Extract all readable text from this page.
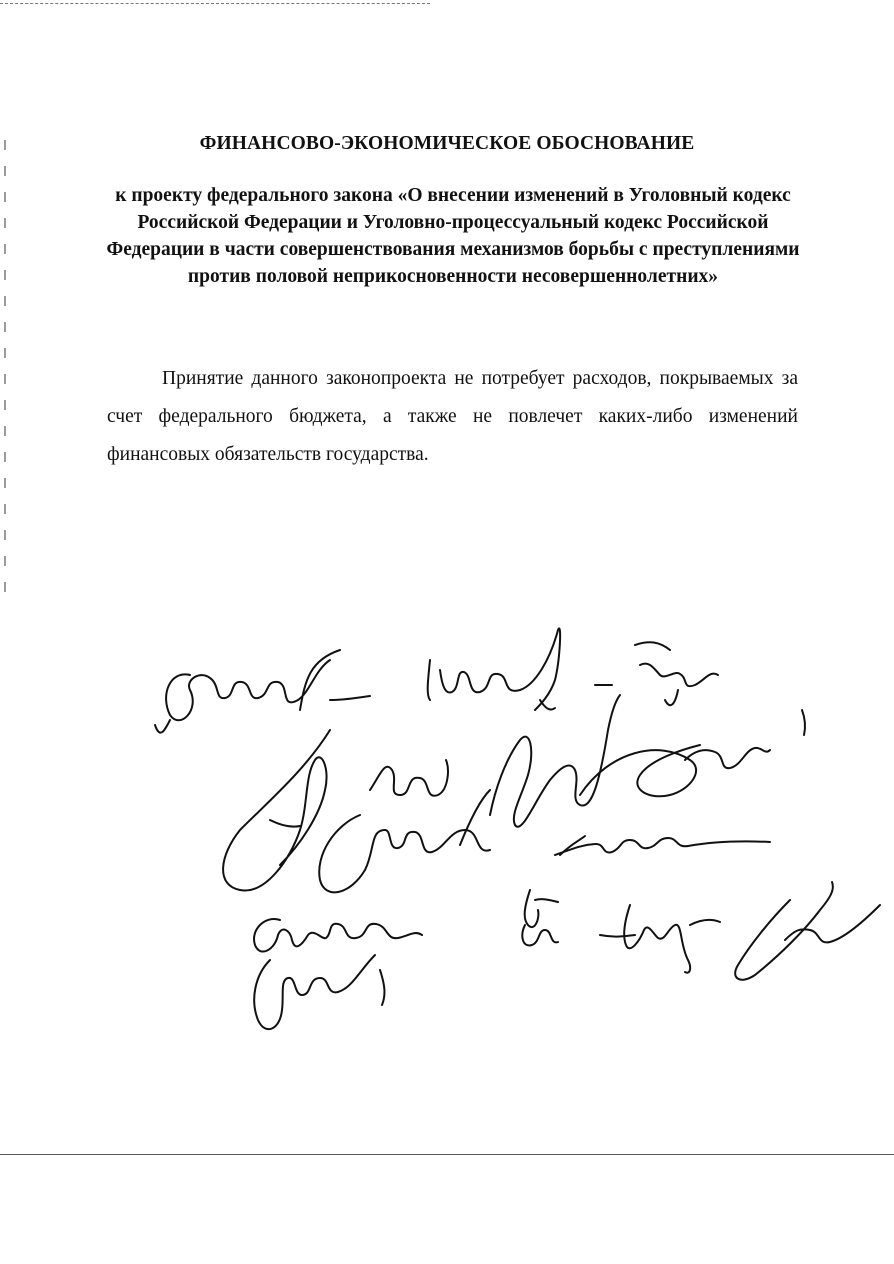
ФИНАНСОВО-ЭКОНОМИЧЕСКОЕ ОБОСНОВАНИЕ
к проекту федерального закона «О внесении изменений в Уголовный кодекс Российской Федерации и Уголовно-процессуальный кодекс Российской Федерации в части совершенствования механизмов борьбы с преступлениями против половой неприкосновенности несовершеннолетних»

Принятие данного законопроекта не потребует расходов, покрываемых за счет федерального бюджета, а также не повлечет каких-либо изменений финансовых обязательств государства.
